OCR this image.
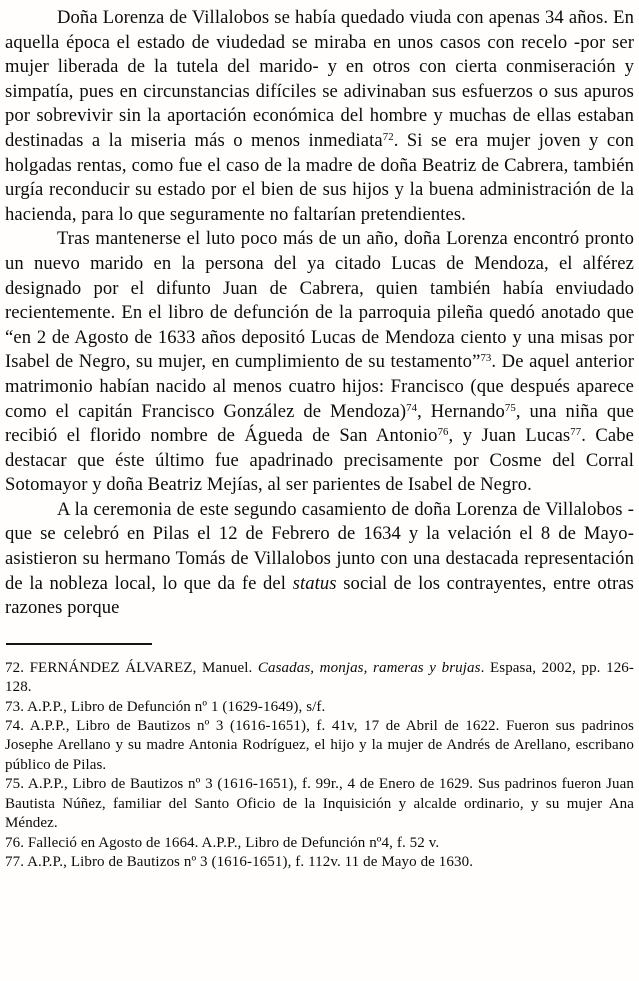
Doña Lorenza de Villalobos se había quedado viuda con apenas 34 años. En aquella época el estado de viudedad se miraba en unos casos con recelo -por ser mujer liberada de la tutela del marido- y en otros con cierta conmiseración y simpatía, pues en circunstancias difíciles se adivinaban sus esfuerzos o sus apuros por sobrevivir sin la aportación económica del hombre y muchas de ellas estaban destinadas a la miseria más o menos inmediata$^{72}$. Si se era mujer joven y con holgadas rentas, como fue el caso de la madre de doña Beatriz de Cabrera, también urgía reconducir su estado por el bien de sus hijos y la buena administración de la hacienda, para lo que seguramente no faltarían pretendientes.

Tras mantenerse el luto poco más de un año, doña Lorenza encontró pronto un nuevo marido en la persona del ya citado Lucas de Mendoza, el alférez designado por el difunto Juan de Cabrera, quien también había enviudado recientemente. En el libro de defunción de la parroquia pileña quedó anotado que “en 2 de Agosto de 1633 años depositó Lucas de Mendoza ciento y una misas por Isabel de Negro, su mujer, en cumplimiento de su testamento”$^{73}$. De aquel anterior matrimonio habían nacido al menos cuatro hijos: Francisco (que después aparece como el capitán Francisco González de Mendoza)$^{74}$, Hernando$^{75}$, una niña que recibió el florido nombre de Águeda de San Antonio$^{76}$, y Juan Lucas$^{77}$. Cabe destacar que éste último fue apadrinado precisamente por Cosme del Corral Sotomayor y doña Beatriz Mejías, al ser parientes de Isabel de Negro.

A la ceremonia de este segundo casamiento de doña Lorenza de Villalobos -que se celebró en Pilas el 12 de Febrero de 1634 y la velación el 8 de Mayo- asistieron su hermano Tomás de Villalobos junto con una destacada representación de la nobleza local, lo que da fe del status social de los contrayentes, entre otras razones porque

72. FERNÁNDEZ ÁLVAREZ, Manuel. Casadas, monjas, rameras y brujas. Espasa, 2002, pp. 126-128.

73. A.P.P., Libro de Defunción nº 1 (1629-1649), s/f.

74. A.P.P., Libro de Bautizos nº 3 (1616-1651), f. 41v, 17 de Abril de 1622. Fueron sus padrinos Josephe Arellano y su madre Antonia Rodríguez, el hijo y la mujer de Andrés de Arellano, escribano público de Pilas.

75. A.P.P., Libro de Bautizos nº 3 (1616-1651), f. 99r., 4 de Enero de 1629. Sus padrinos fueron Juan Bautista Núñez, familiar del Santo Oficio de la Inquisición y alcalde ordinario, y su mujer Ana Méndez.

76. Falleció en Agosto de 1664. A.P.P., Libro de Defunción nº4, f. 52 v.

77. A.P.P., Libro de Bautizos nº 3 (1616-1651), f. 112v. 11 de Mayo de 1630.
